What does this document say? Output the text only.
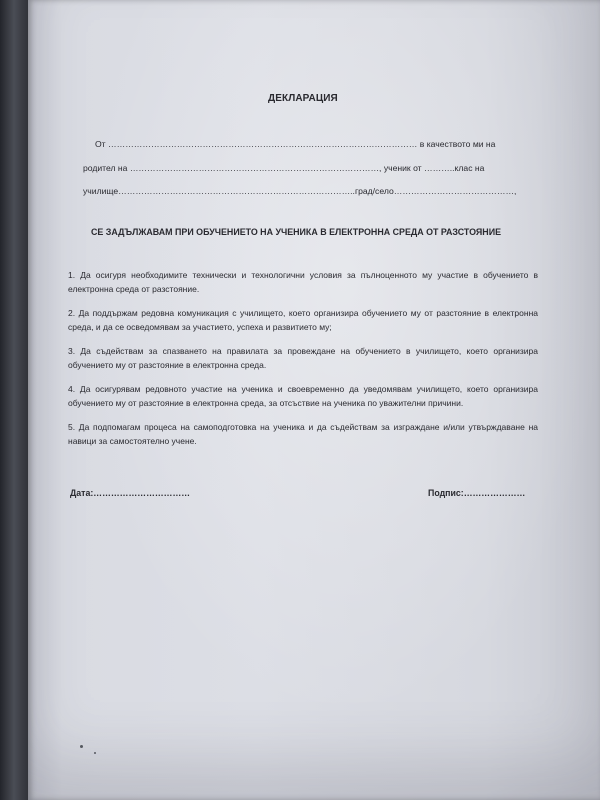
ДЕКЛАРАЦИЯ

От ……………………………………………………………………………………………… в качеството ми на

родител на ……………………………………………………………………………, ученик от ………..клас на

училище………………………………………………………………………..град/село……………………………………,

СЕ ЗАДЪЛЖАВАМ ПРИ ОБУЧЕНИЕТО НА УЧЕНИКА В ЕЛЕКТРОННА СРЕДА ОТ РАЗСТОЯНИЕ

1. Да осигуря необходимите технически и технологични условия за пълноценното му участие в обучението в електронна среда от разстояние.

2. Да поддържам редовна комуникация с училището, което организира обучението му от разстояние в електронна среда, и да се осведомявам за участието, успеха и развитието му;

3. Да съдействам за спазването на правилата за провеждане на обучението в училището, което организира обучението му от разстояние в електронна среда.

4. Да осигурявам редовното участие на ученика и своевременно да уведомявам училището, което организира обучението му от разстояние в електронна среда, за отсъствие на ученика по уважителни причини.

5. Да подпомагам процеса на самоподготовка на ученика и да съдействам за изграждане и/или утвърждаване на навици за самостоятелно учене.

Дата:……………………………	Подпис:…………………
